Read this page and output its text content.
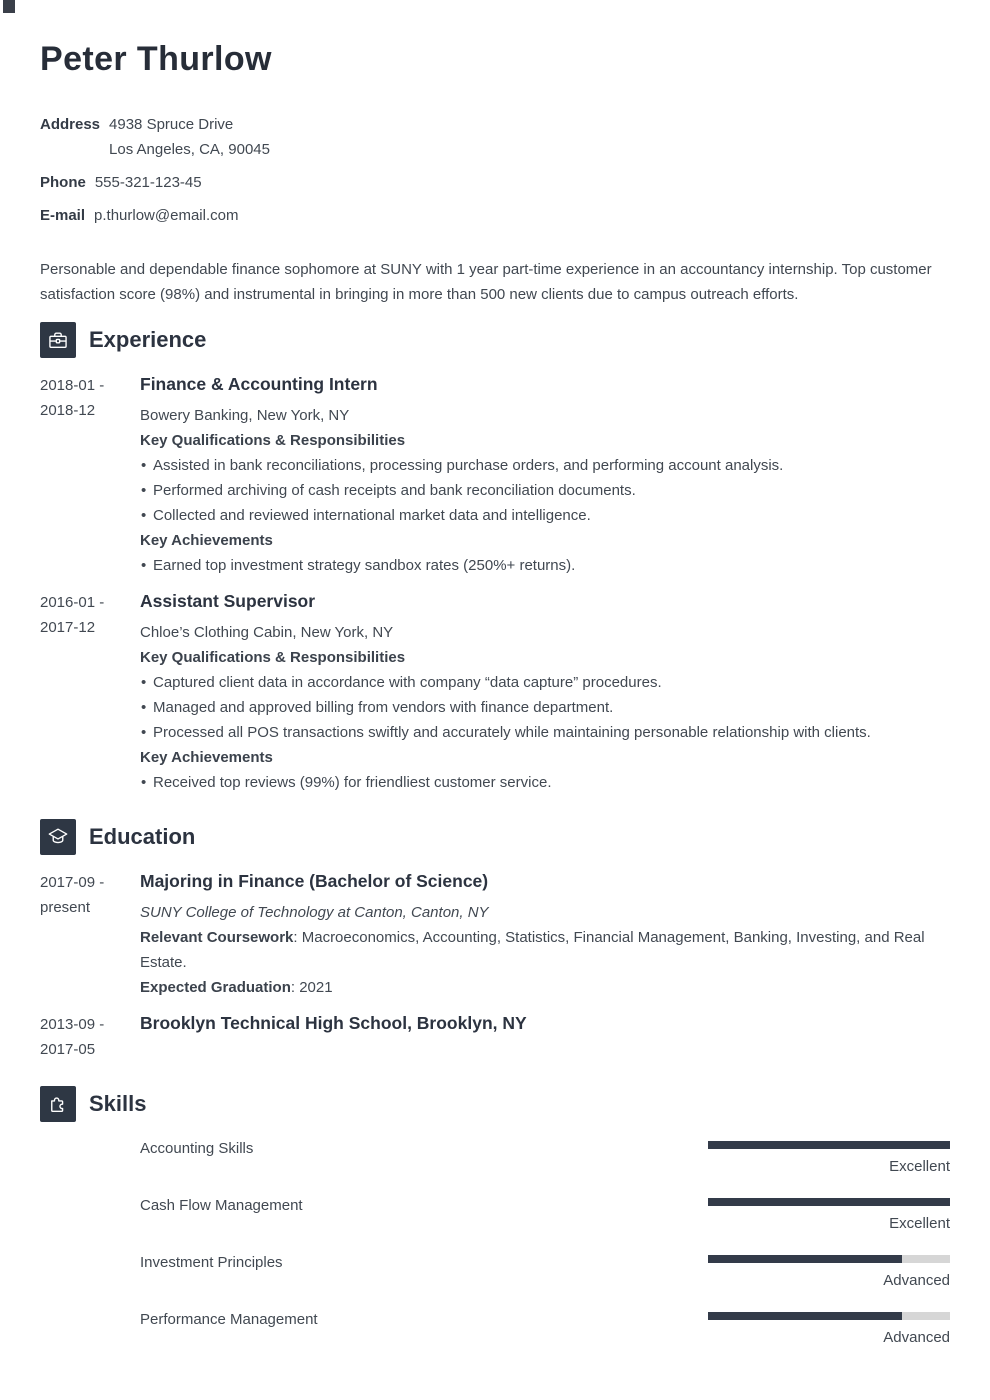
Peter Thurlow
Address 4938 Spruce Drive
Los Angeles, CA, 90045
Phone 555-321-123-45
E-mail p.thurlow@email.com

Personable and dependable finance sophomore at SUNY with 1 year part-time experience in an accountancy internship. Top customer satisfaction score (98%) and instrumental in bringing in more than 500 new clients due to campus outreach efforts.

Experience
2018-01 -
2018-12
Finance & Accounting Intern

Bowery Banking, New York, NY

Key Qualifications & Responsibilities

• Assisted in bank reconciliations, processing purchase orders, and performing account analysis.
• Performed archiving of cash receipts and bank reconciliation documents.
• Collected and reviewed international market data and intelligence.

Key Achievements

• Earned top investment strategy sandbox rates (250%+ returns).
2016-01 -
2017-12
Assistant Supervisor

Chloe’s Clothing Cabin, New York, NY

Key Qualifications & Responsibilities

• Captured client data in accordance with company “data capture” procedures.
• Managed and approved billing from vendors with finance department.
• Processed all POS transactions swiftly and accurately while maintaining personable relationship with clients.

Key Achievements

• Received top reviews (99%) for friendliest customer service.
Education
2017-09 -
present
Majoring in Finance (Bachelor of Science)

SUNY College of Technology at Canton, Canton, NY

Relevant Coursework: Macroeconomics, Accounting, Statistics, Financial Management, Banking, Investing, and Real Estate.

Expected Graduation: 2021

2013-09 -
2017-05
Brooklyn Technical High School, Brooklyn, NY
Skills
Accounting Skills
Excellent
Cash Flow Management
Excellent
Investment Principles
Advanced
Performance Management
Advanced
